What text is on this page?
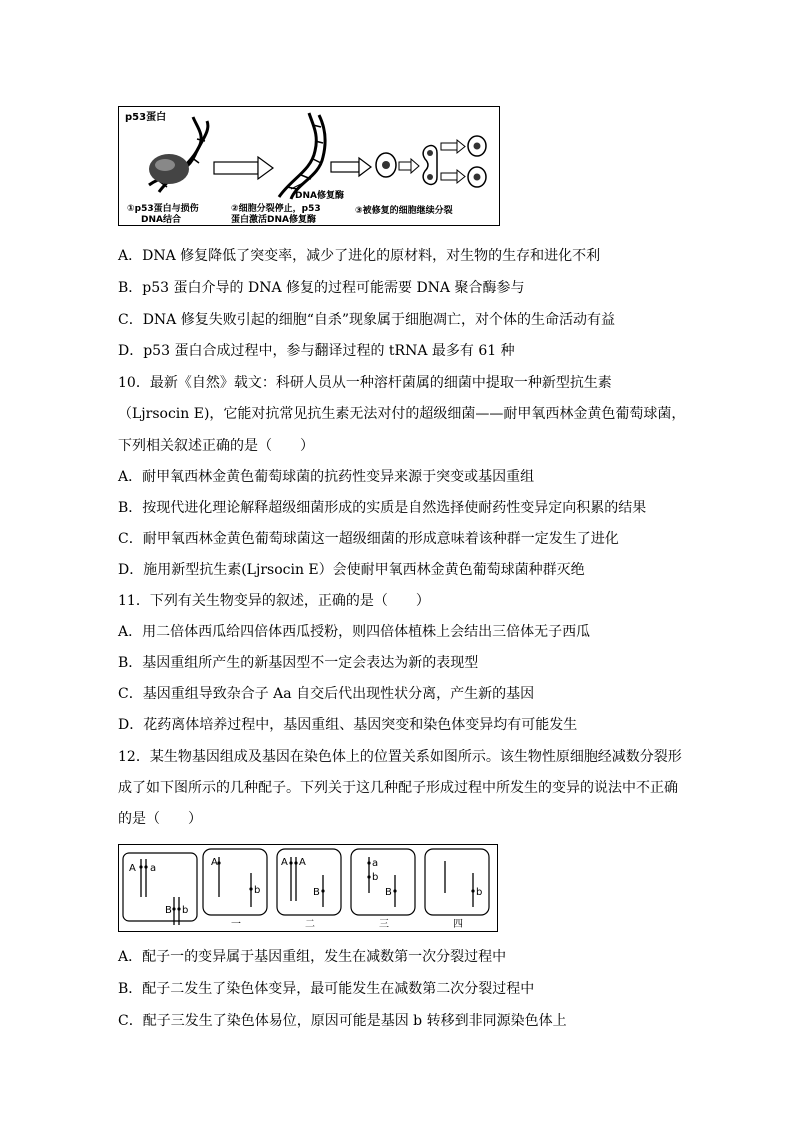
p53蛋白
DNA修复酶
①p53蛋白与损伤
DNA结合
②细胞分裂停止，p53
蛋白激活DNA修复酶
③被修复的细胞继续分裂
A．DNA 修复降低了突变率，减少了进化的原材料，对生物的生存和进化不利
B．p53 蛋白介导的 DNA 修复的过程可能需要 DNA 聚合酶参与
C．DNA 修复失败引起的细胞“自杀”现象属于细胞凋亡，对个体的生命活动有益
D．p53 蛋白合成过程中，参与翻译过程的 tRNA 最多有 61 种
10．最新《自然》载文：科研人员从一种溶杆菌属的细菌中提取一种新型抗生素
（Ljrsocin E)，它能对抗常见抗生素无法对付的超级细菌——耐甲氧西林金黄色葡萄球菌，
下列相关叙述正确的是（　　）
A．耐甲氧西林金黄色葡萄球菌的抗药性变异来源于突变或基因重组
B．按现代进化理论解释超级细菌形成的实质是自然选择使耐药性变异定向积累的结果
C．耐甲氧西林金黄色葡萄球菌这一超级细菌的形成意味着该种群一定发生了进化
D．施用新型抗生素(Ljrsocin E）会使耐甲氧西林金黄色葡萄球菌种群灭绝
11．下列有关生物变异的叙述，正确的是（　　）
A．用二倍体西瓜给四倍体西瓜授粉，则四倍体植株上会结出三倍体无子西瓜
B．基因重组所产生的新基因型不一定会表达为新的表现型
C．基因重组导致杂合子 Aa 自交后代出现性状分离，产生新的基因
D．花药离体培养过程中，基因重组、基因突变和染色体变异均有可能发生
12．某生物基因组成及基因在染色体上的位置关系如图所示。该生物性原细胞经减数分裂形
成了如下图所示的几种配子。下列关于这几种配子形成过程中所发生的变异的说法中不正确
的是（　　）
A a
B b
A
b
一
A A
B
二
a
b
B
三
b
四
A．配子一的变异属于基因重组，发生在减数第一次分裂过程中
B．配子二发生了染色体变异，最可能发生在减数第二次分裂过程中
C．配子三发生了染色体易位，原因可能是基因 b 转移到非同源染色体上
